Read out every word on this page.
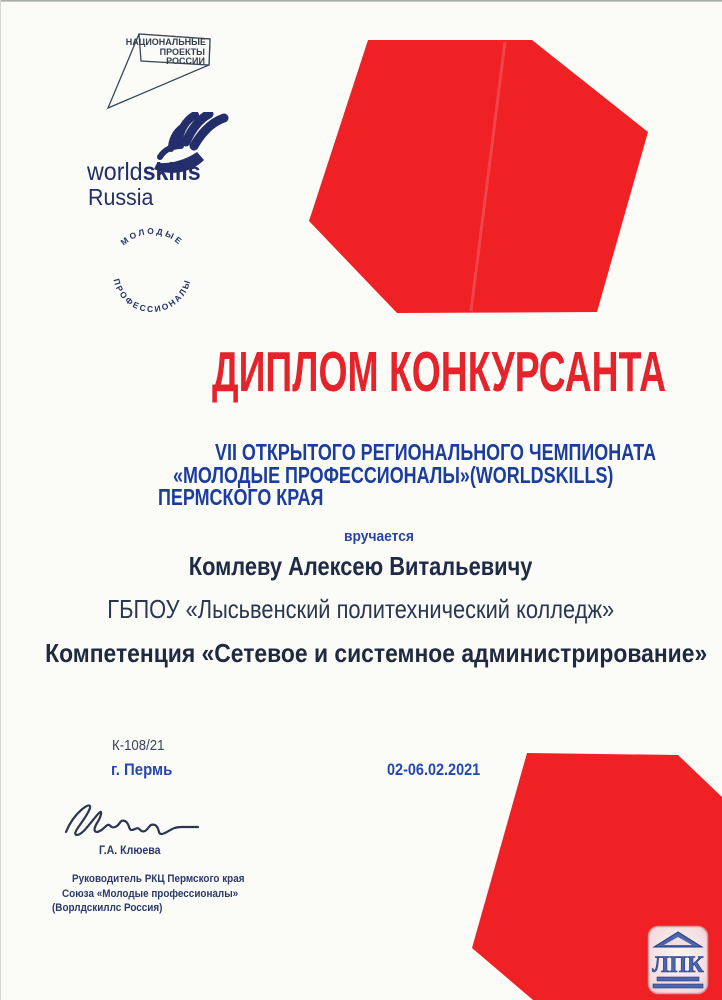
НАЦИОНАЛЬНЫЕ
ПРОЕКТЫ
РОССИИ
worldskills
Russia
МОЛОДЫЕ
ПРОФЕССИОНАЛЫ
ДИПЛОМ КОНКУРСАНТА
VII ОТКРЫТОГО РЕГИОНАЛЬНОГО ЧЕМПИОНАТА
«МОЛОДЫЕ ПРОФЕССИОНАЛЫ»(WORLDSKILLS)
ПЕРМСКОГО КРАЯ
вручается
Комлеву Алексею Витальевичу
ГБПОУ «Лысьвенский политехнический колледж»
Компетенция «Сетевое и системное администрирование»
К-108/21
г. Пермь	02-06.02.2021
Г.А. Клюева
Руководитель РКЦ Пермского края
Союза «Молодые профессионалы»
(Ворлдскиллс Россия)
ЛПК
